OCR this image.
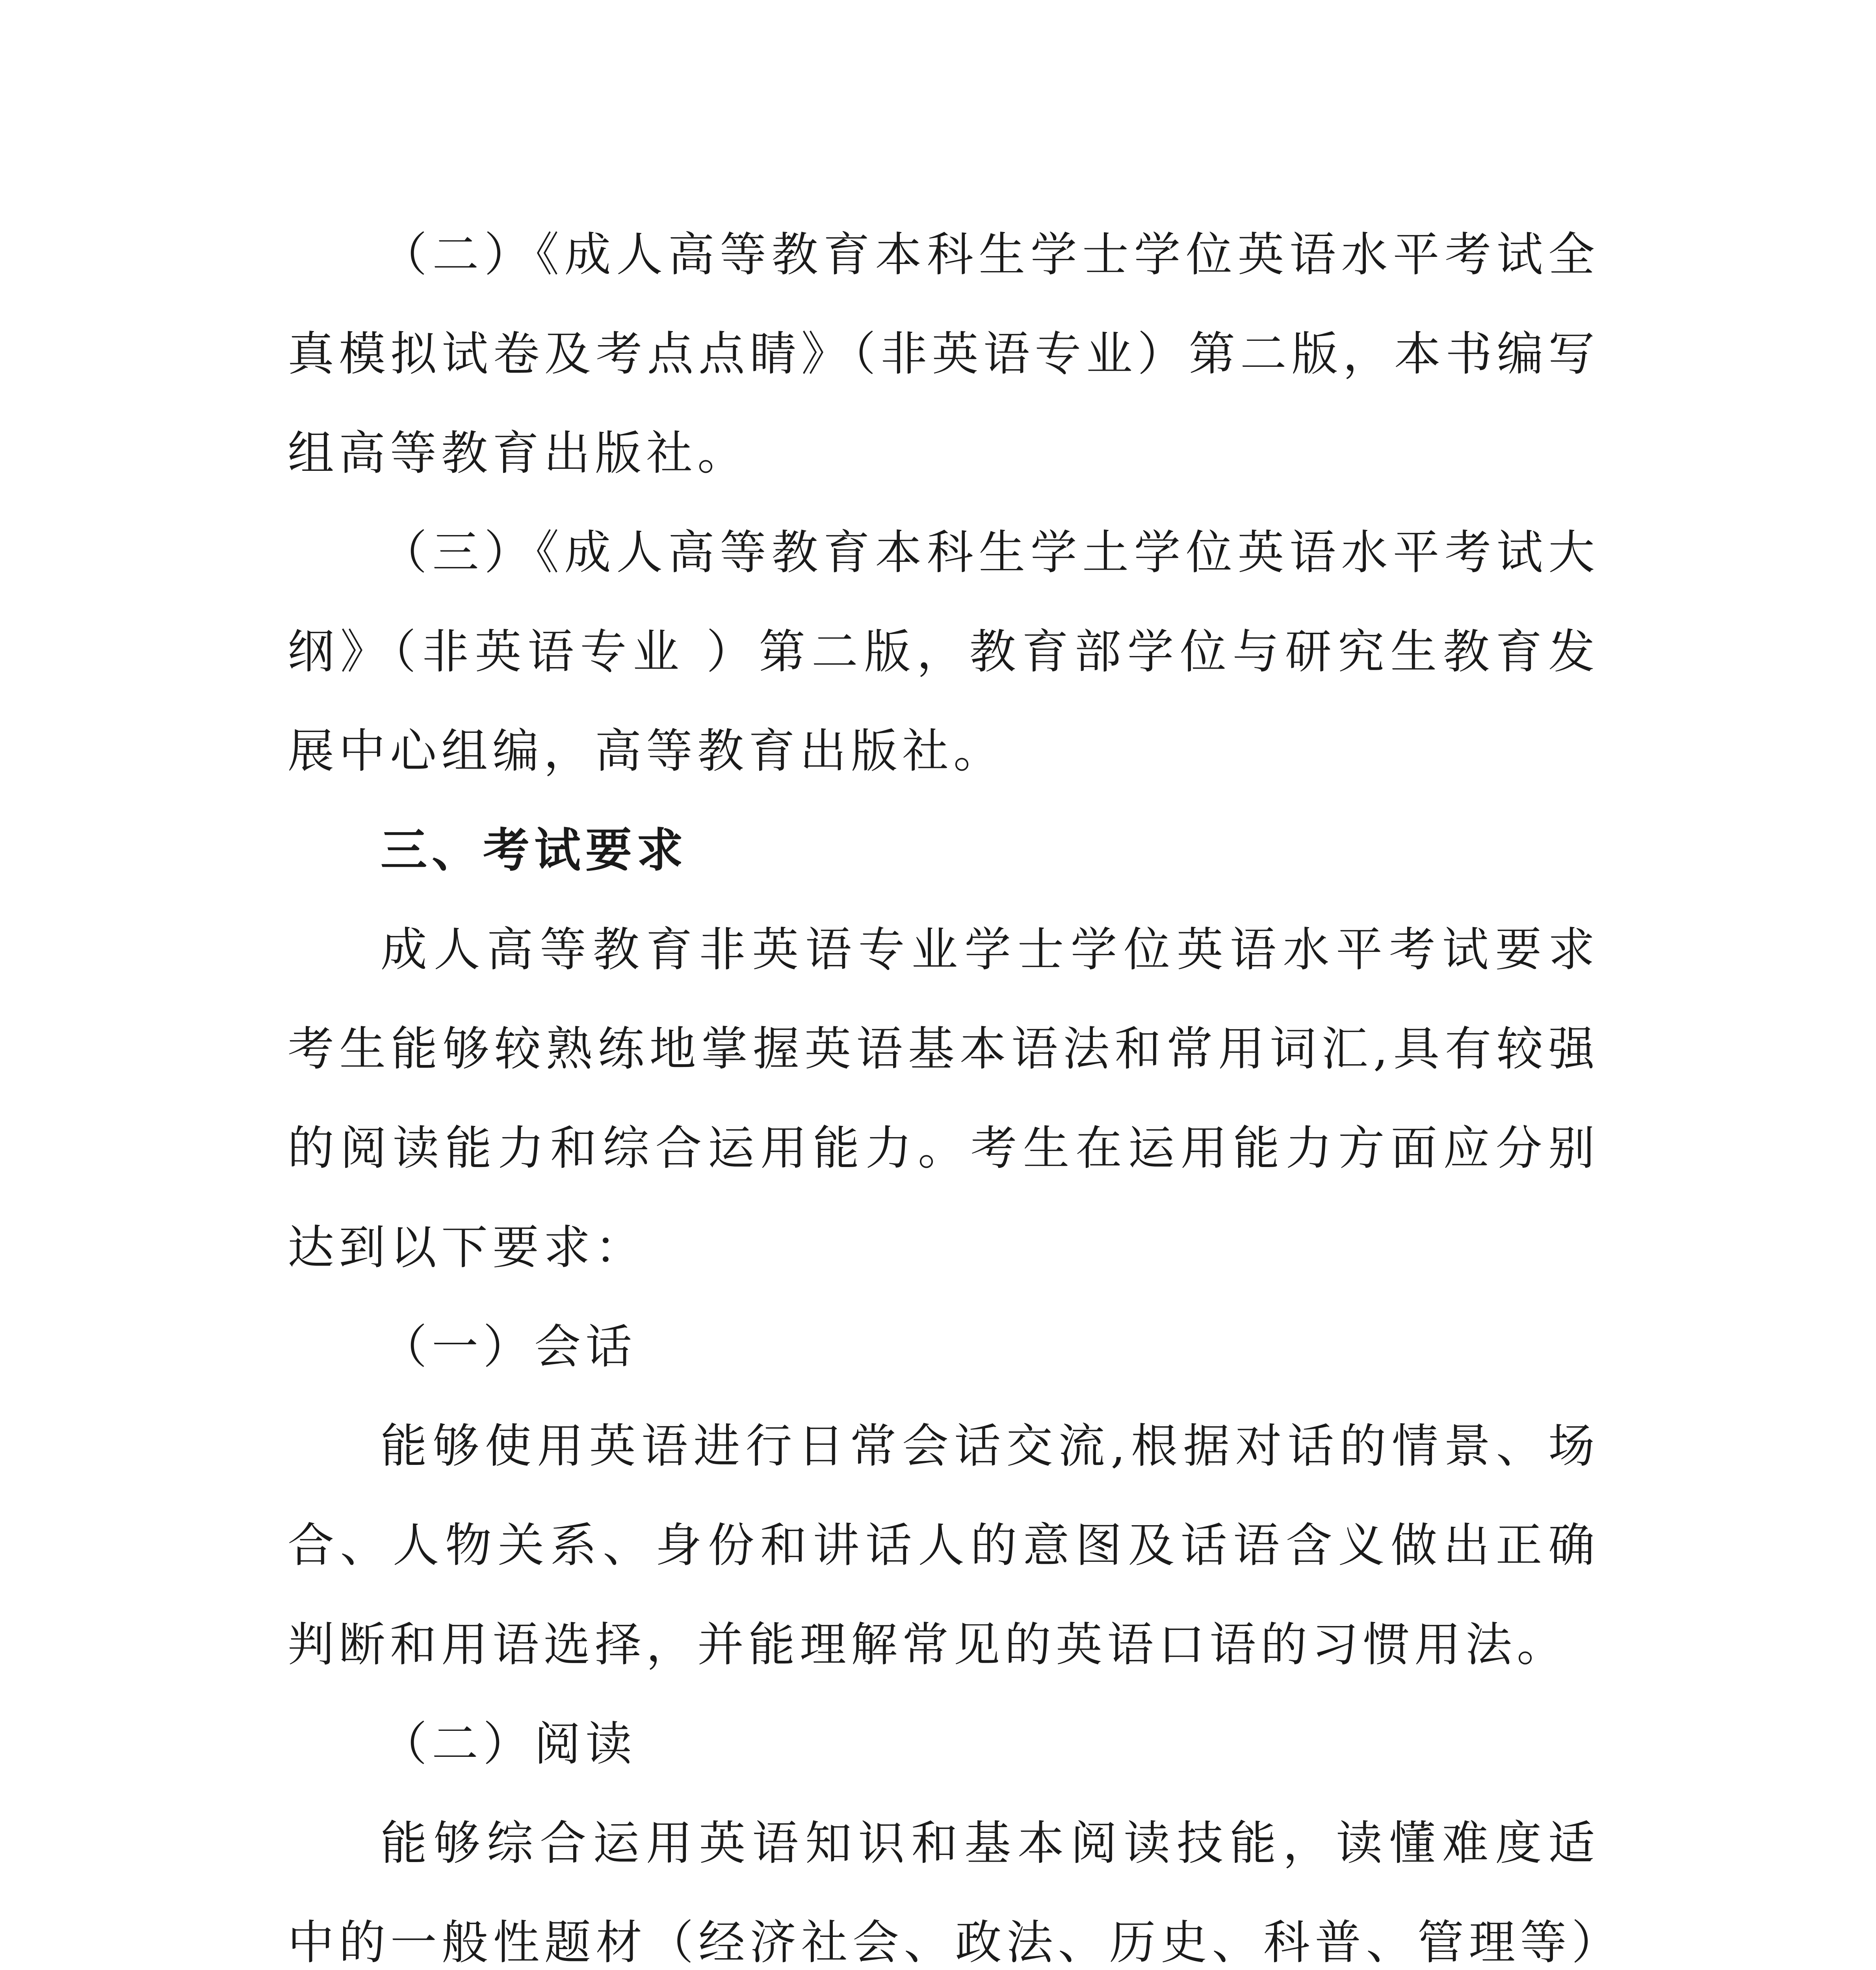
（二）《成人高等教育本科生学士学位英语水平考试全真模拟试卷及考点点睛》（非英语专业）第二版，本书编写组高等教育出版社。

（三）《成人高等教育本科生学土学位英语水平考试大纲》（非英语专业 ）第二版，教育部学位与研究生教育发展中心组编，高等教育出版社。

三、考试要求

成人高等教育非英语专业学士学位英语水平考试要求考生能够较熟练地掌握英语基本语法和常用词汇,具有较强的阅读能力和综合运用能力。考生在运用能力方面应分别达到以下要求：

（一）会话

能够使用英语进行日常会话交流,根据对话的情景、场合、人物关系、身份和讲话人的意图及话语含义做出正确判断和用语选择，并能理解常见的英语口语的习惯用法。

（二）阅读

能够综合运用英语知识和基本阅读技能，读懂难度适中的一般性题材（经济社会、政法、历史、科普、管理等）
